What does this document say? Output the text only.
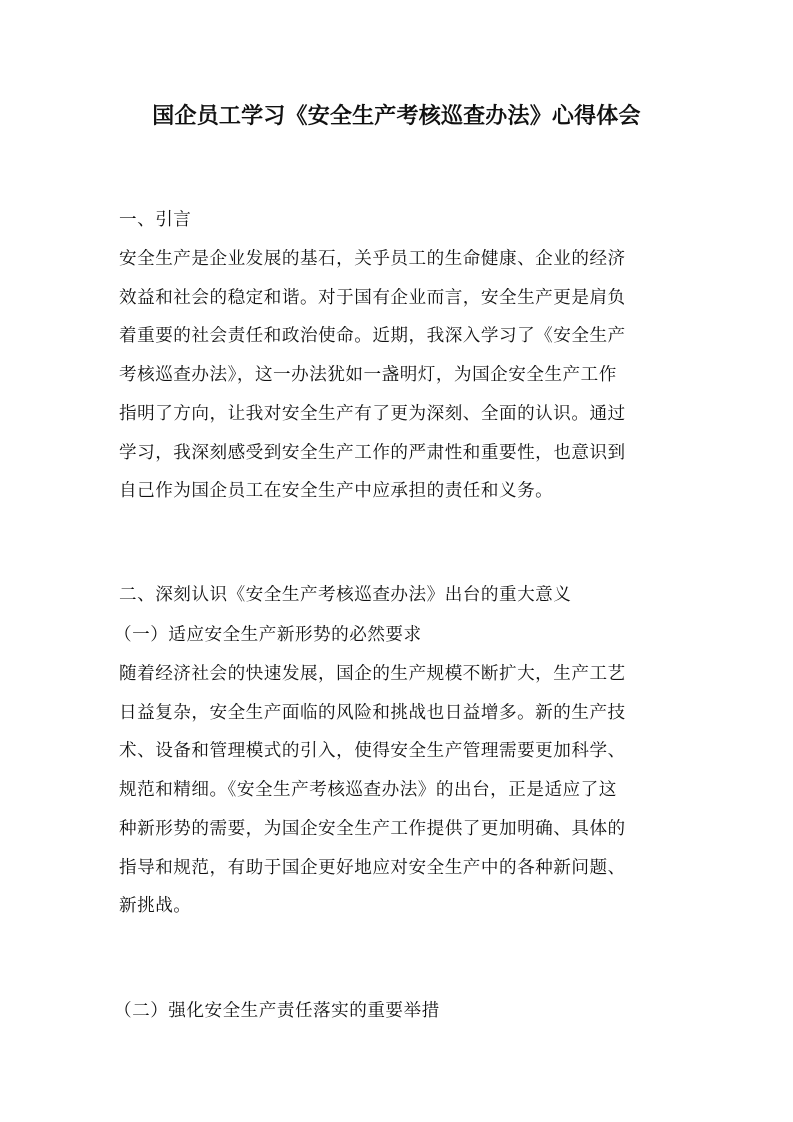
国企员工学习《安全生产考核巡查办法》心得体会
一、引言
安全生产是企业发展的基石，关乎员工的生命健康、企业的经济
效益和社会的稳定和谐。对于国有企业而言，安全生产更是肩负
着重要的社会责任和政治使命。近期，我深入学习了《安全生产
考核巡查办法》，这一办法犹如一盏明灯，为国企安全生产工作
指明了方向，让我对安全生产有了更为深刻、全面的认识。通过
学习，我深刻感受到安全生产工作的严肃性和重要性，也意识到
自己作为国企员工在安全生产中应承担的责任和义务。
二、深刻认识《安全生产考核巡查办法》出台的重大意义
（一）适应安全生产新形势的必然要求
随着经济社会的快速发展，国企的生产规模不断扩大，生产工艺
日益复杂，安全生产面临的风险和挑战也日益增多。新的生产技
术、设备和管理模式的引入，使得安全生产管理需要更加科学、
规范和精细。《安全生产考核巡查办法》的出台，正是适应了这
种新形势的需要，为国企安全生产工作提供了更加明确、具体的
指导和规范，有助于国企更好地应对安全生产中的各种新问题、
新挑战。
（二）强化安全生产责任落实的重要举措
